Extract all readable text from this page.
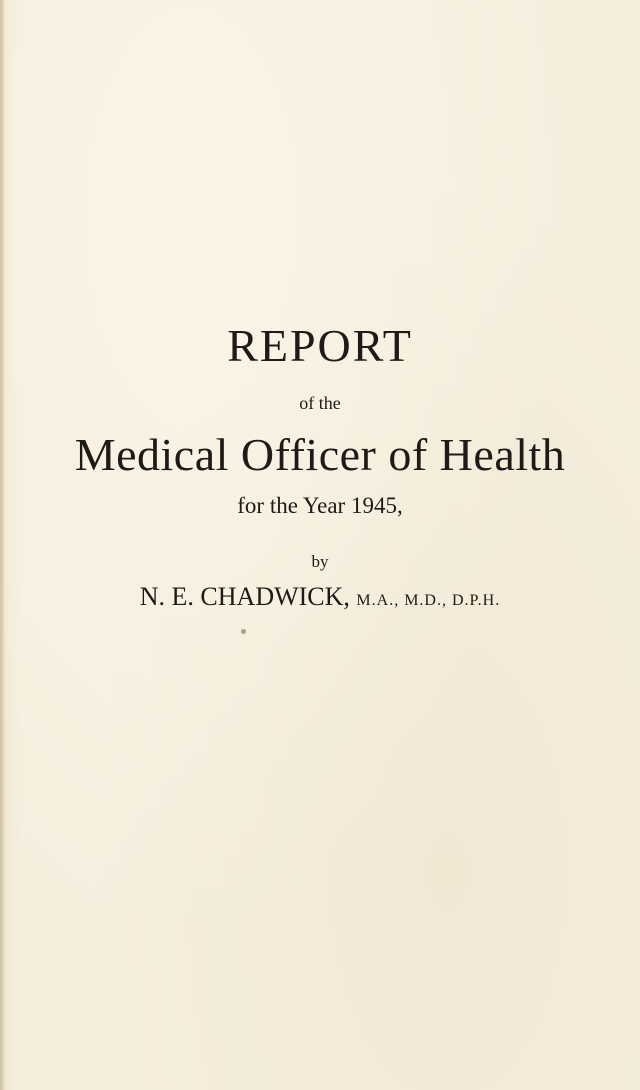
REPORT
of the
Medical Officer of Health
for the Year 1945,
by
N. E. CHADWICK, M.A., M.D., D.P.H.
